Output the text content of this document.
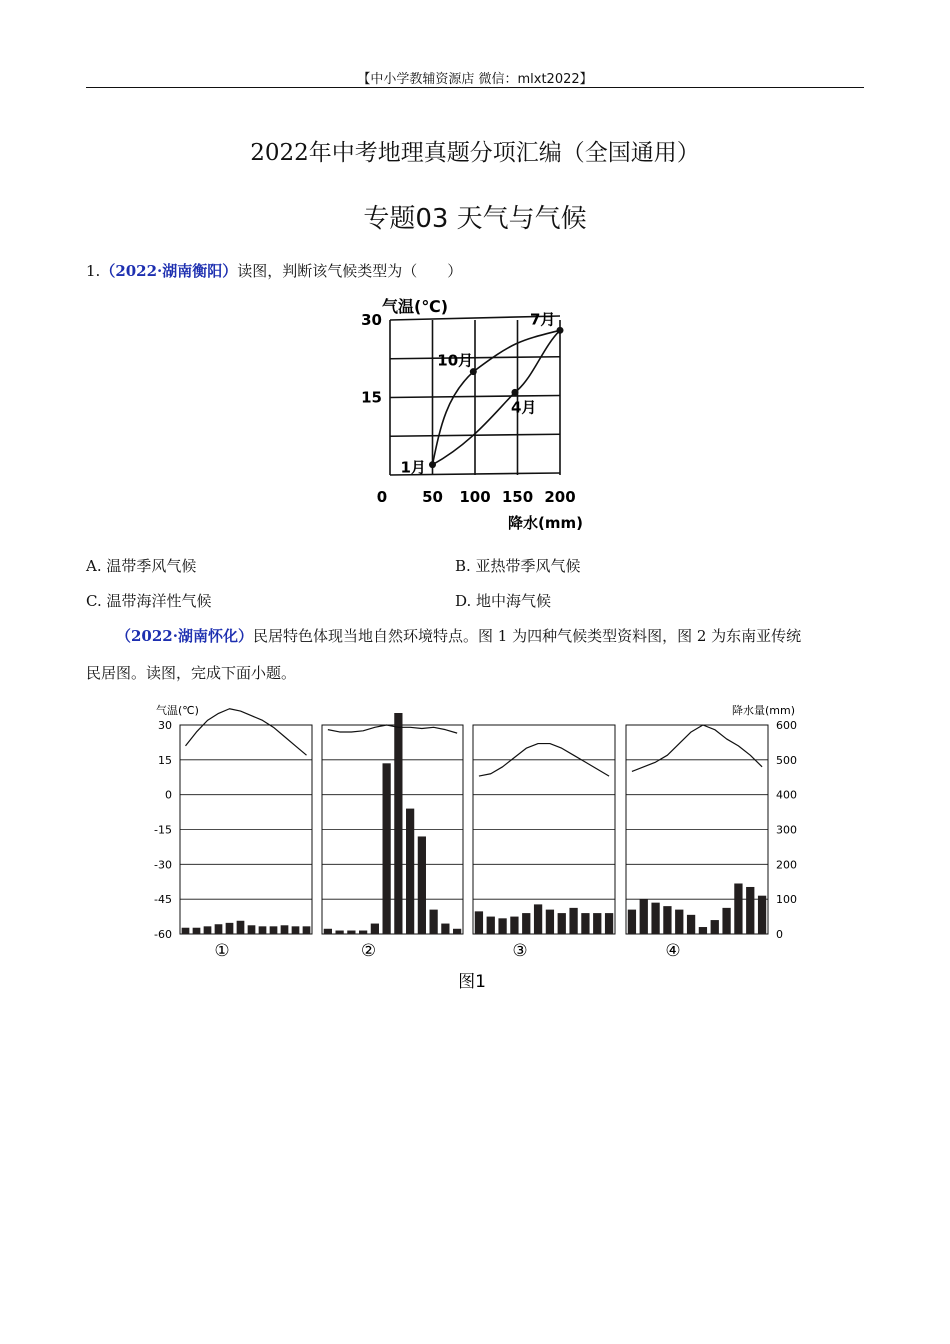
【中小学教辅资源店 微信：mlxt2022】
2022年中考地理真题分项汇编（全国通用）
专题03 天气与气候
1.（2022·湖南衡阳）读图，判断该气候类型为（　　）
0 50 100 150 200
15
30
1月
4月
7月
10月
气温(℃)
降水(mm)
A. 温带季风气候	B. 亚热带季风气候
C. 温带海洋性气候	D. 地中海气候
（2022·湖南怀化）民居特色体现当地自然环境特点。图 1 为四种气候类型资料图，图 2 为东南亚传统
民居图。读图，完成下面小题。
气温(℃)	降水量(mm)
30
15
0
-15
-30
-45
-60
600
500
400
300
200
100
0
①	②	③	④
图1
